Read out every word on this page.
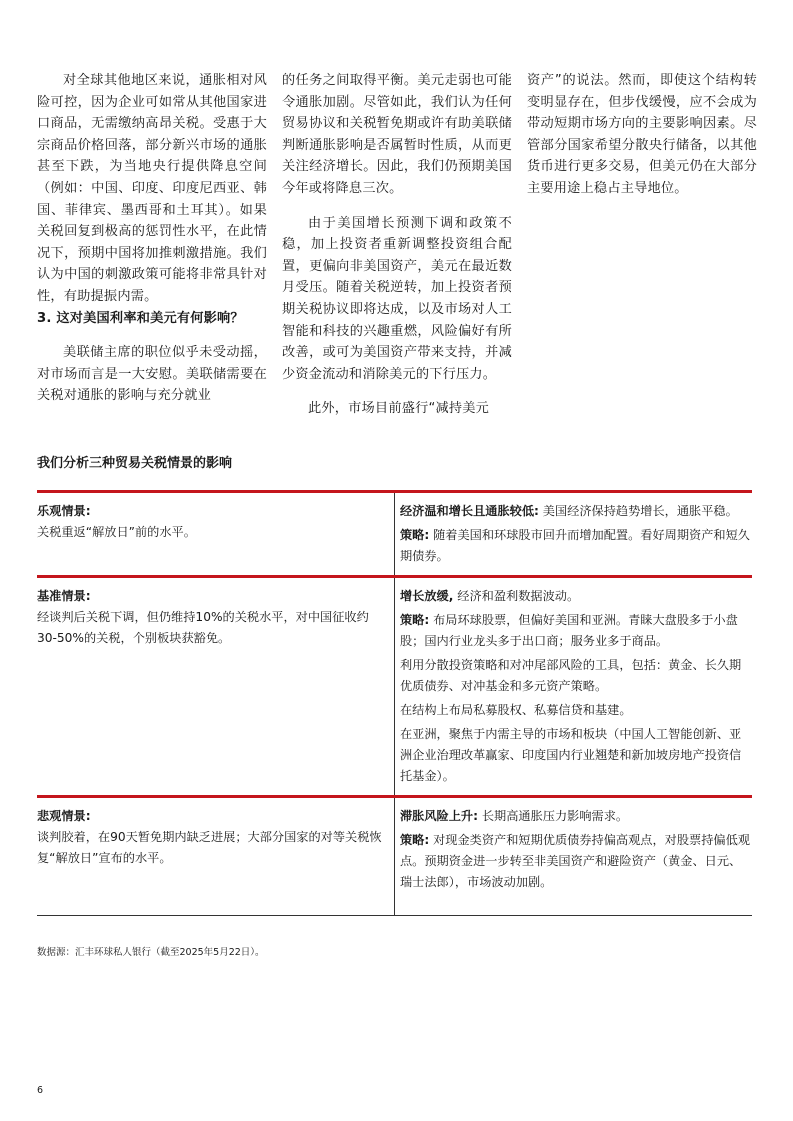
对全球其他地区来说，通胀相对风险可控，因为企业可如常从其他国家进口商品，无需缴纳高昂关税。受惠于大宗商品价格回落，部分新兴市场的通胀甚至下跌，为当地央行提供降息空间（例如：中国、印度、印度尼西亚、韩国、菲律宾、墨西哥和土耳其）。如果关税回复到极高的惩罚性水平，在此情况下，预期中国将加推刺激措施。我们认为中国的刺激政策可能将非常具针对性，有助提振内需。

3. 这对美国利率和美元有何影响？

美联储主席的职位似乎未受动摇，对市场而言是一大安慰。美联储需要在关税对通胀的影响与充分就业

的任务之间取得平衡。美元走弱也可能令通胀加剧。尽管如此，我们认为任何贸易协议和关税暂免期或许有助美联储判断通胀影响是否属暂时性质，从而更关注经济增长。因此，我们仍预期美国今年或将降息三次。

由于美国增长预测下调和政策不稳，加上投资者重新调整投资组合配置，更偏向非美国资产，美元在最近数月受压。随着关税逆转，加上投资者预期关税协议即将达成，以及市场对人工智能和科技的兴趣重燃，风险偏好有所改善，或可为美国资产带来支持，并减少资金流动和消除美元的下行压力。

此外，市场目前盛行“减持美元

资产”的说法。然而，即使这个结构转变明显存在，但步伐缓慢，应不会成为带动短期市场方向的主要影响因素。尽管部分国家希望分散央行储备，以其他货币进行更多交易，但美元仍在大部分主要用途上稳占主导地位。

我们分析三种贸易关税情景的影响

乐观情景:

关税重返“解放日”前的水平。

经济温和增长且通胀较低: 美国经济保持趋势增长，通胀平稳。

策略: 随着美国和环球股市回升而增加配置。看好周期资产和短久期债券。

基准情景:

经谈判后关税下调，但仍维持10%的关税水平，对中国征收约30-50%的关税，个别板块获豁免。

增长放缓, 经济和盈利数据波动。

策略: 布局环球股票，但偏好美国和亚洲。青睐大盘股多于小盘股；国内行业龙头多于出口商；服务业多于商品。

利用分散投资策略和对冲尾部风险的工具，包括：黄金、长久期优质债券、对冲基金和多元资产策略。

在结构上布局私募股权、私募信贷和基建。

在亚洲，聚焦于内需主导的市场和板块（中国人工智能创新、亚洲企业治理改革赢家、印度国内行业翘楚和新加坡房地产投资信托基金）。

悲观情景:

谈判胶着，在90天暂免期内缺乏进展；大部分国家的对等关税恢复“解放日”宣布的水平。

滞胀风险上升: 长期高通胀压力影响需求。

策略: 对现金类资产和短期优质债券持偏高观点，对股票持偏低观点。预期资金进一步转至非美国资产和避险资产（黄金、日元、瑞士法郎），市场波动加剧。

数据源：汇丰环球私人银行（截至2025年5月22日）。

6
